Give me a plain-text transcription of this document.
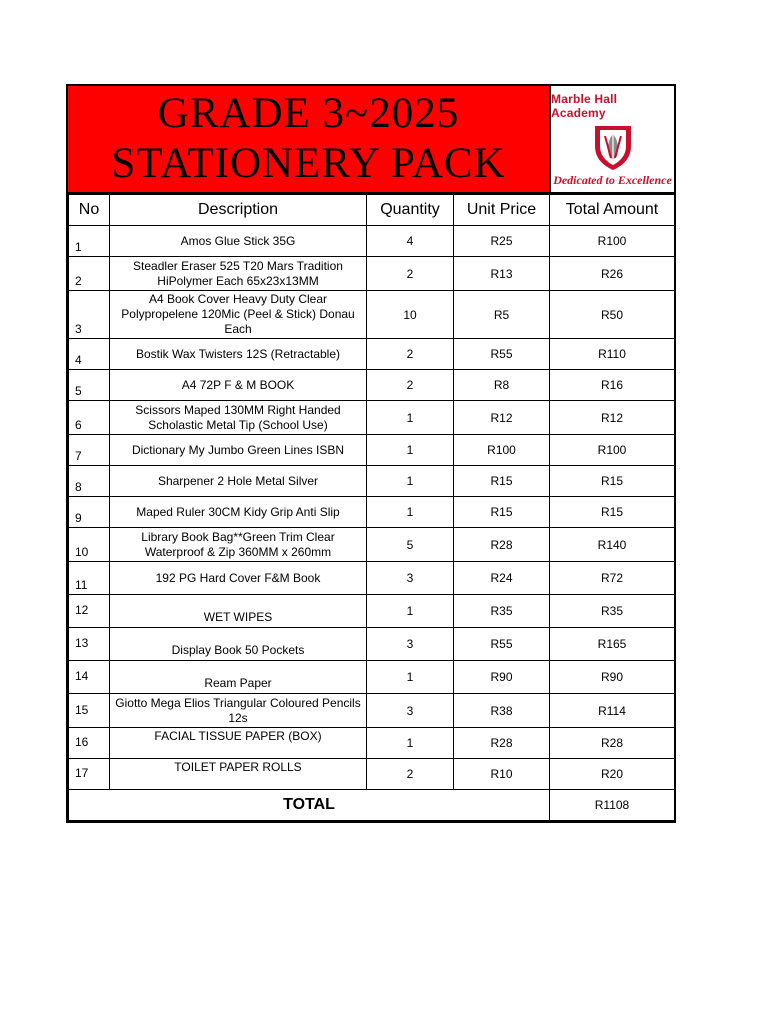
GRADE 3~2025
STATIONERY PACK
Marble Hall Academy
Dedicated to Excellence
No	Description	Quantity	Unit Price	Total Amount
1	Amos Glue Stick 35G	4	R25	R100
2	Steadler Eraser 525 T20 Mars Tradition HiPolymer Each 65x23x13MM	2	R13	R26
3	A4 Book Cover Heavy Duty Clear Polypropelene 120Mic (Peel & Stick) Donau Each	10	R5	R50
4	Bostik Wax Twisters 12S (Retractable)	2	R55	R110
5	A4 72P F & M BOOK	2	R8	R16
6	Scissors Maped 130MM Right Handed Scholastic Metal Tip (School Use)	1	R12	R12
7	Dictionary My Jumbo Green Lines ISBN	1	R100	R100
8	Sharpener 2 Hole Metal Silver	1	R15	R15
9	Maped Ruler 30CM Kidy Grip Anti Slip	1	R15	R15
10	Library Book Bag**Green Trim Clear Waterproof & Zip 360MM x 260mm	5	R28	R140
11	192 PG Hard Cover F&M Book	3	R24	R72
12	WET WIPES	1	R35	R35
13	Display Book 50 Pockets	3	R55	R165
14	Ream Paper	1	R90	R90
15	Giotto Mega Elios Triangular Coloured Pencils 12s	3	R38	R114
16	FACIAL TISSUE PAPER (BOX)	1	R28	R28
17	TOILET PAPER ROLLS	2	R10	R20
TOTAL				R1108
